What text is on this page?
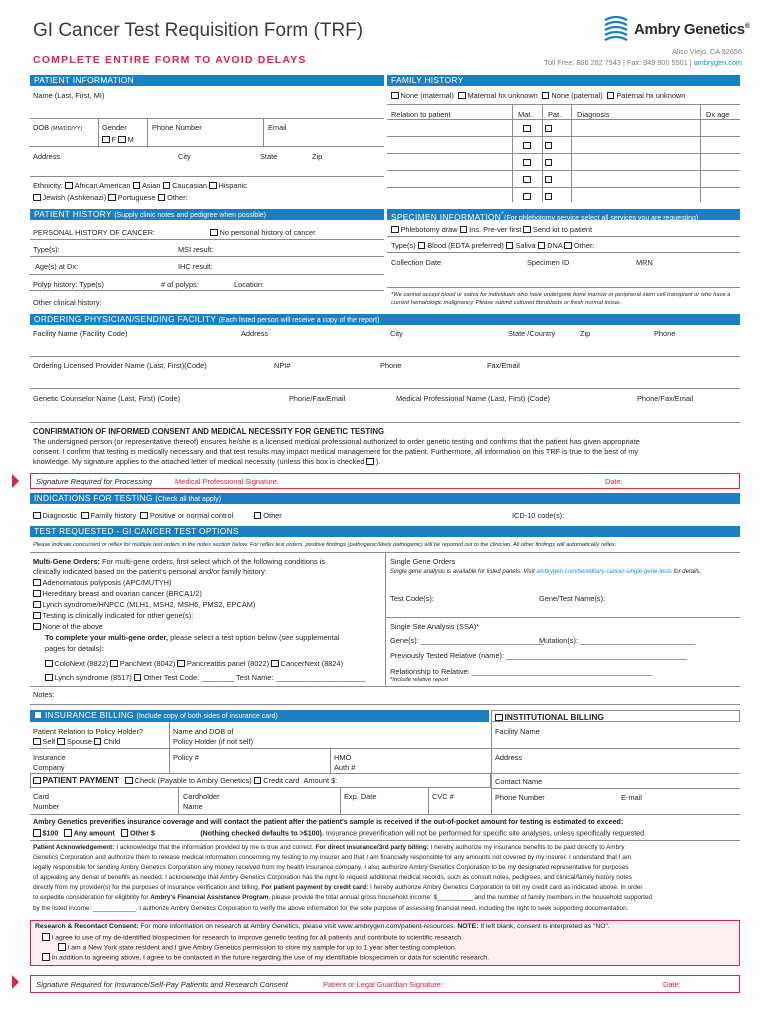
GI Cancer Test Requisition Form (TRF)
COMPLETE ENTIRE FORM TO AVOID DELAYS
Ambry Genetics®
Aliso Viejo, CA 92656
Toll Free: 866 262 7943 | Fax: 949 900 5501 | ambrygen.com
PATIENT INFORMATION
Name (Last, First, MI)
DOB (MM/DD/YY)	Gender
F M
Phone Number	Email
Address	City	State	Zip
Ethnicity: African American Asian Caucasian Hispanic
Jewish (Ashkenazi) Portuguese Other:
FAMILY HISTORY
None (maternal) Maternal hx unknown None (paternal) Paternal hx unknown
Relation to patient	Mat. Pat. Diagnosis	Dx age

PATIENT HISTORY (Supply clinic notes and pedigree when possible)
PERSONAL HISTORY OF CANCER:	No personal history of cancer
Type(s):	MSI result:
Age(s) at Dx:	IHC result:
Polyp history: Type(s)	# of polyps:	Location:
Other clinical history:
SPECIMEN INFORMATION*(For phlebotomy service select all services you are requesting)
Phlebotomy draw Ins. Pre-ver first Send kit to patient
Type(s) Blood (EDTA preferred) Saliva DNA Other:
Collection Date	Specimen ID	MRN
*We cannot accept blood or saliva for individuals who have undergone bone marrow or peripheral stem cell transplant or who have a current hematologic malignancy. Please submit cultured fibroblasts or fresh normal tissue.
ORDERING PHYSICIAN/SENDING FACILITY (Each listed person will receive a copy of the report)
Facility Name (Facility Code)	Address	City	State /Country	Zip	Phone
Ordering Licensed Provider Name (Last, First)(Code)	NPI#	Phone	Fax/Email
Genetic Counselor Name (Last, First) (Code)	Phone/Fax/Email	Medical Professional Name (Last, First) (Code)	Phone/Fax/Email
CONFIRMATION OF INFORMED CONSENT AND MEDICAL NECESSITY FOR GENETIC TESTING
The undersigned person (or representative thereof) ensures he/she is a licensed medical professional authorized to order genetic testing and confirms that the patient has given appropriate
consent. I confirm that testing is medically necessary and that test results may impact medical management for the patient. Furthermore, all information on this TRF is true to the best of my
knowledge. My signature applies to the attached letter of medical necessity (unless this box is checked ).
Signature Required for Processing	Medical Professional Signature:	Date:
INDICATIONS FOR TESTING (Check all that apply)
Diagnostic Family history Positive or normal control	Other	ICD-10 code(s):
TEST REQUESTED - GI CANCER TEST OPTIONS
Please indicate concurrent or reflex for multiple test orders in the notes section below. For reflex test orders, positive findings (pathogenic/likely pathogenic) will be reported out to the clinician. All other findings will automatically reflex.
Multi-Gene Orders: For multi-gene orders, first select which of the following conditions is
clinically indicated based on the patient's personal and/or family history:
Adenomatous polyposis (APC/MUTYH)
Hereditary breast and ovarian cancer (BRCA1/2)
Lynch syndrome/HNPCC (MLH1, MSH2, MSH6, PMS2, EPCAM)
Testing is clinically indicated for other gene(s):
None of the above
To complete your multi-gene order, please select a test option below (see supplemental
pages for details):
ColoNext (8822) PancNext (8042) Pancreatitis panel (8022) CancerNext (8824)
Lynch syndrome (8517) Other Test Code: ________ Test Name: ______________________
Single Gene Orders
Single gene analysis is available for listed panels. Visit ambrygen.com/hereditary-cancer-single-gene-tests for details.
Test Code(s):	Gene/Test Name(s):
Single Site Analysis (SSA)*
Gene(s): ______________________________
Mutation(s): ____________________________
Previously Tested Relative (name): ____________________________________________
Relationship to Relative: ____________________________________________
*Include relative report
Notes:
INSURANCE BILLING (Include copy of both sides of insurance card)	INSTITUTIONAL BILLING
Patient Relation to Policy Holder?
Self Spouse Child
Name and DOB of
Policy Holder (if not self)
Facility Name
Insurance
Company
Policy #	HMO
Auth #
Address
Contact Name
Phone Number	E-mail
PATIENT PAYMENT Check (Payable to Ambry Genetics) Credit card Amount $:
Card
Number
Cardholder
Name
Exp. Date	CVC #
Ambry Genetics preverifies insurance coverage and will contact the patient after the patient's sample is received if the out-of-pocket amount for testing is estimated to exceed:
$100 Any amount Other $	(Nothing checked defaults to >$100). Insurance preverification will not be performed for specific site analyses, unless specifically requested.
Patient Acknowledgement: I acknowledge that the information provided by me is true and correct. For direct insurance/3rd party billing: I hereby authorize my insurance benefits to be paid directly to Ambry
Genetics Corporation and authorize them to release medical information concerning my testing to my insurer and that I am financially responsible for any amounts not covered by my insurer. I understand that I am
legally responsible for sending Ambry Genetics Corporation any money received from my health insurance company. I also authorize Ambry Genetics Corporation to be my designated representative for purposes
of appealing any denial of benefits as needed. I acknowledge that Ambry Genetics Corporation has the right to request additional medical records, such as consult notes, pedigrees, and clinical/family history notes
directly from my provider(s) for the purposes of insurance verification and billing. For patient payment by credit card: I hereby authorize Ambry Genetics Corporation to bill my credit card as indicated above. In order
to expedite consideration for eligibility for Ambry's Financial Assistance Program, please provide the total annual gross household income: $__________ and the number of family members in the household supported
by the listed income: ____________. I authorize Ambry Genetics Corporation to verify the above information for the sole purpose of assessing financial need, including the right to seek supporting documentation.
Research & Recontact Consent: For more information on research at Ambry Genetics, please visit www.ambrygen.com/patient-resources. NOTE: If left blank, consent is interpreted as "NO".
I agree to use of my de-identified biospecimen for research to improve genetic testing for all patients and contribute to scientific research.
I am a New York state resident and I give Ambry Genetics permission to store my sample for up to 1 year after testing completion.
In addition to agreeing above, I agree to be contacted in the future regarding the use of my identifiable biospecimen or data for scientific research.
Signature Required for Insurance/Self-Pay Patients and Research Consent	Patient or Legal Guardian Signature:	Date:
